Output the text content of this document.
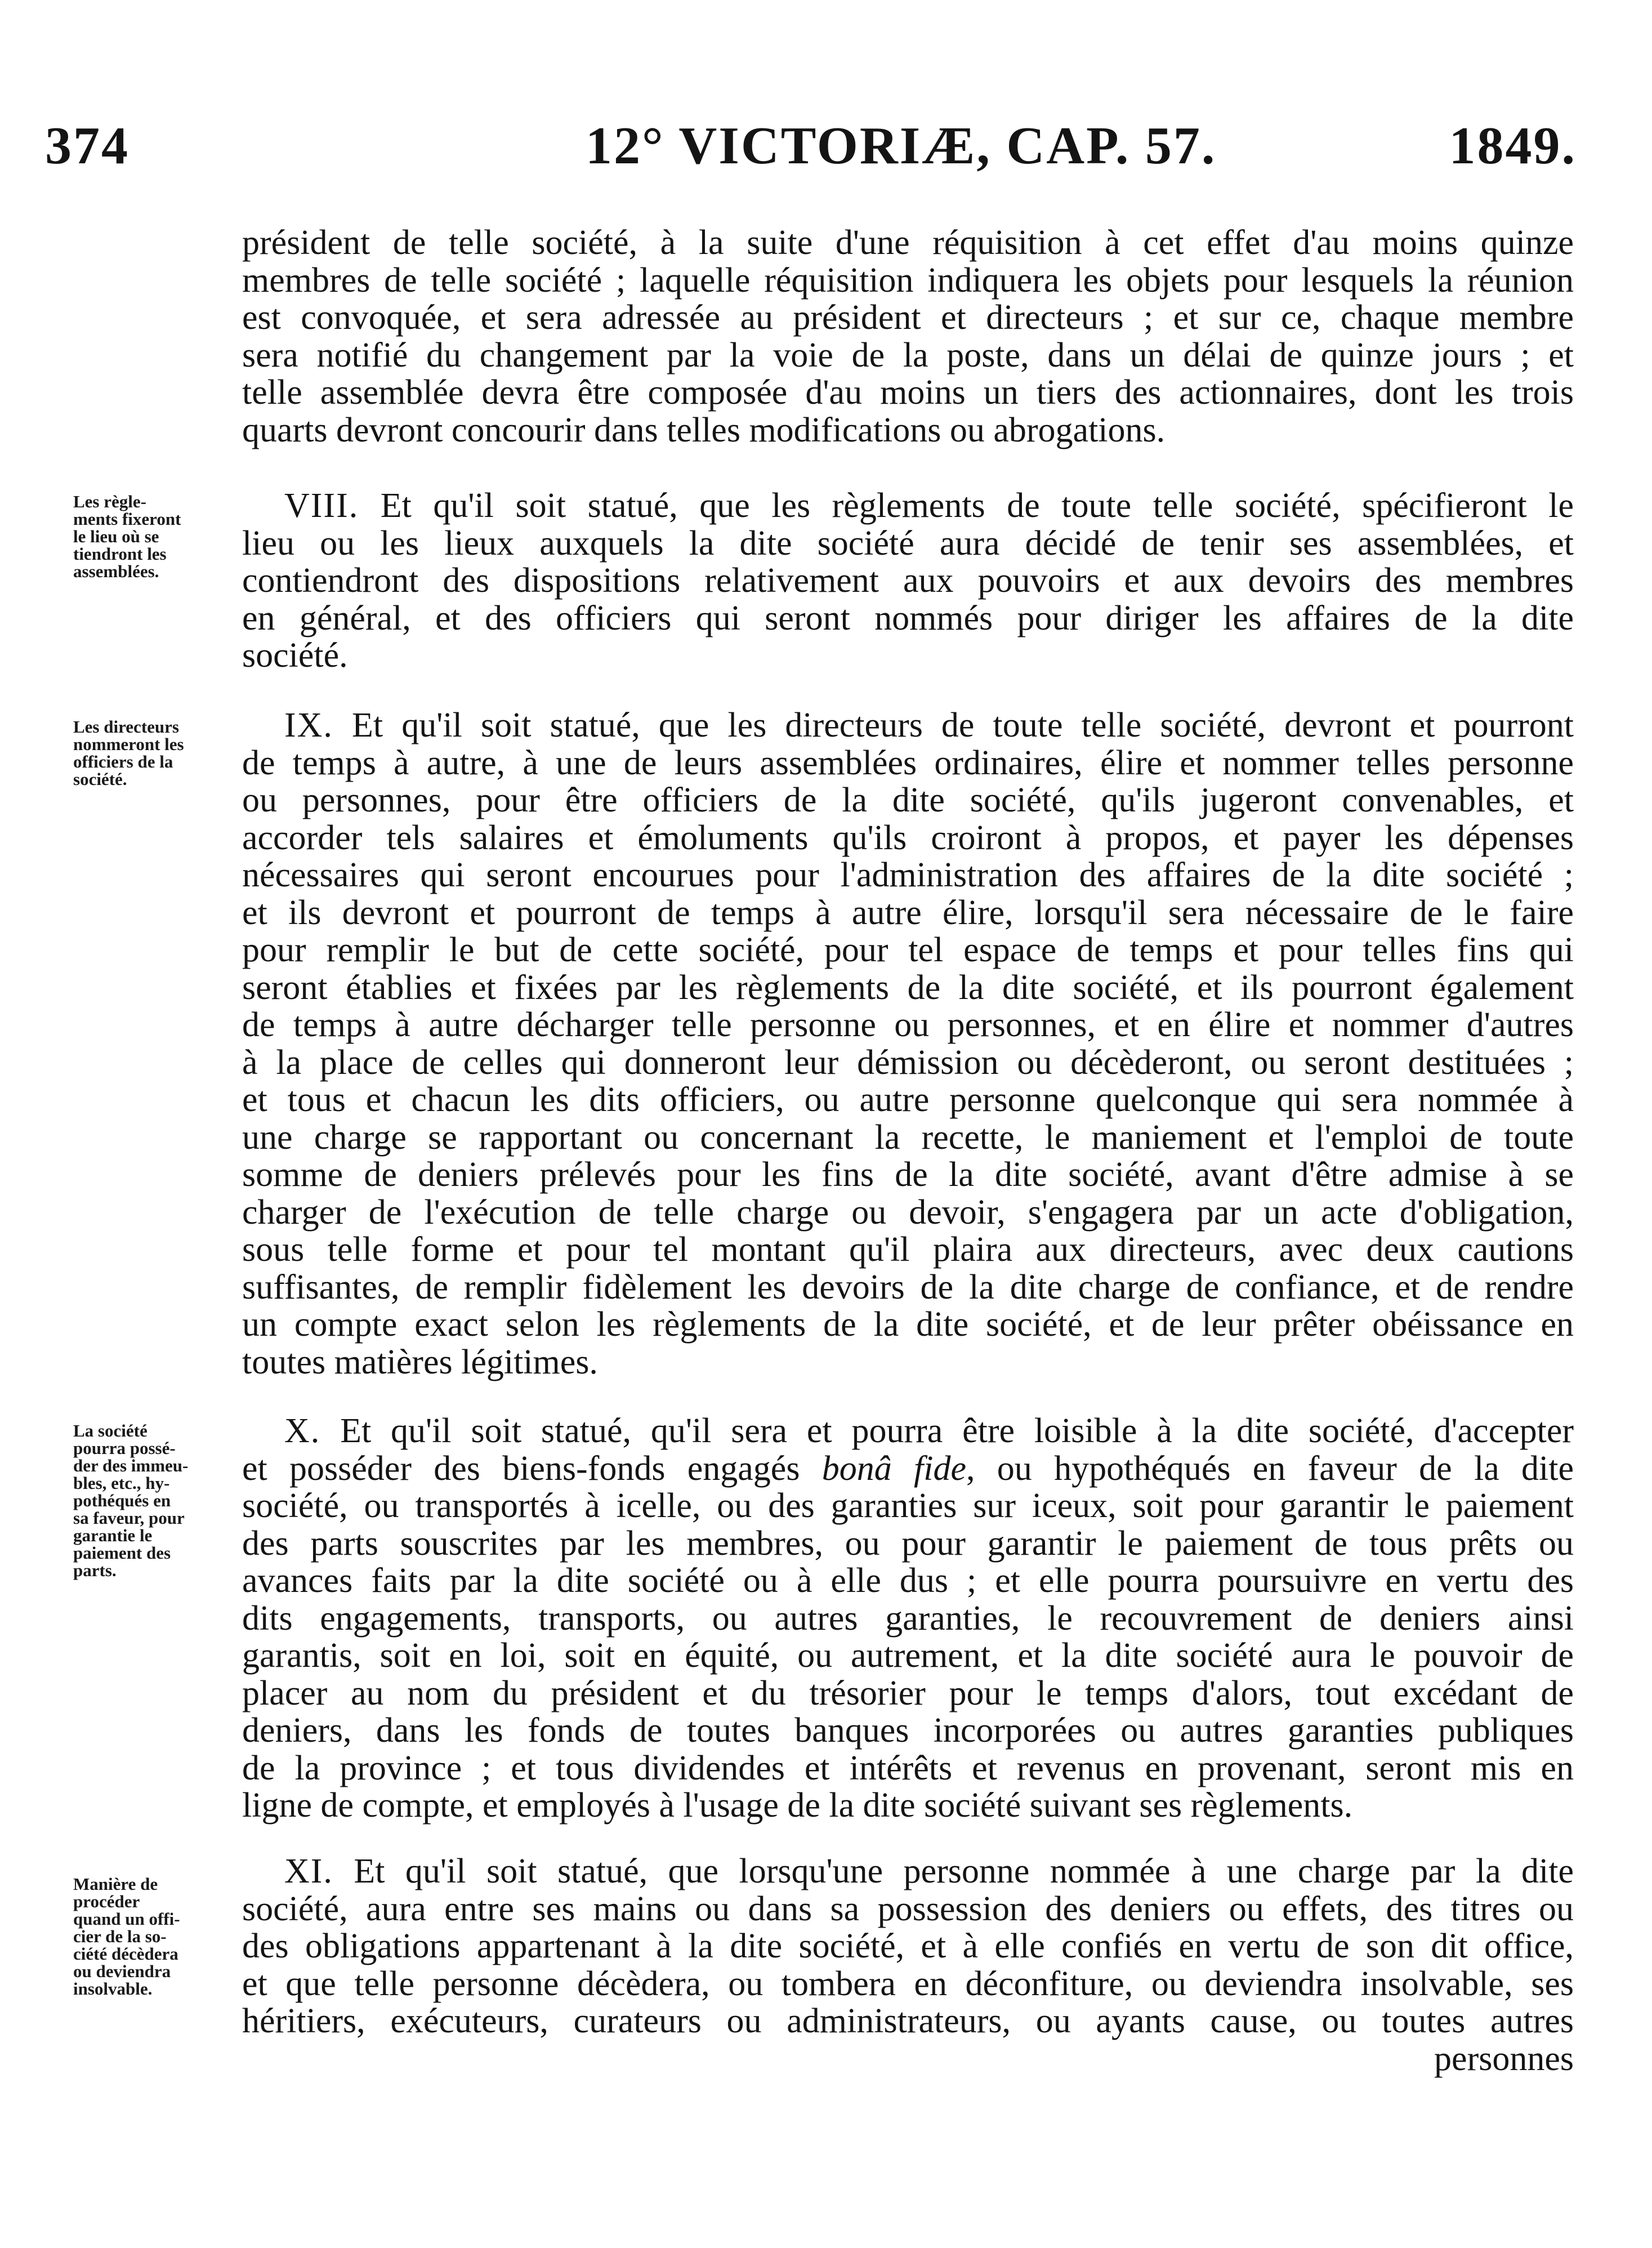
374	12° VICTORIÆ, CAP. 57.	1849.
président de telle société, à la suite d'une réquisition à cet effet d'au moins quinze
membres de telle société ; laquelle réquisition indiquera les objets pour lesquels la réunion
est convoquée, et sera adressée au président et directeurs ; et sur ce, chaque membre
sera notifié du changement par la voie de la poste, dans un délai de quinze jours ; et
telle assemblée devra être composée d'au moins un tiers des actionnaires, dont les trois
quarts devront concourir dans telles modifications ou abrogations.
Les règle-
ments fixeront
le lieu où se
tiendront les
assemblées.
VIII. Et qu'il soit statué, que les règlements de toute telle société, spécifieront le
lieu ou les lieux auxquels la dite société aura décidé de tenir ses assemblées, et
contiendront des dispositions relativement aux pouvoirs et aux devoirs des membres
en général, et des officiers qui seront nommés pour diriger les affaires de la dite
société.
Les directeurs
nommeront les
officiers de la
société.
IX. Et qu'il soit statué, que les directeurs de toute telle société, devront et pourront
de temps à autre, à une de leurs assemblées ordinaires, élire et nommer telles personne
ou personnes, pour être officiers de la dite société, qu'ils jugeront convenables, et
accorder tels salaires et émoluments qu'ils croiront à propos, et payer les dépenses
nécessaires qui seront encourues pour l'administration des affaires de la dite société ;
et ils devront et pourront de temps à autre élire, lorsqu'il sera nécessaire de le faire
pour remplir le but de cette société, pour tel espace de temps et pour telles fins qui
seront établies et fixées par les règlements de la dite société, et ils pourront également
de temps à autre décharger telle personne ou personnes, et en élire et nommer d'autres
à la place de celles qui donneront leur démission ou décèderont, ou seront destituées ;
et tous et chacun les dits officiers, ou autre personne quelconque qui sera nommée à
une charge se rapportant ou concernant la recette, le maniement et l'emploi de toute
somme de deniers prélevés pour les fins de la dite société, avant d'être admise à se
charger de l'exécution de telle charge ou devoir, s'engagera par un acte d'obligation,
sous telle forme et pour tel montant qu'il plaira aux directeurs, avec deux cautions
suffisantes, de remplir fidèlement les devoirs de la dite charge de confiance, et de rendre
un compte exact selon les règlements de la dite société, et de leur prêter obéissance en
toutes matières légitimes.
La société
pourra possé-
der des immeu-
bles, etc., hy-
pothéqués en
sa faveur, pour
garantie le
paiement des
parts.
X. Et qu'il soit statué, qu'il sera et pourra être loisible à la dite société, d'accepter
et posséder des biens-fonds engagés bonâ fide, ou hypothéqués en faveur de la dite
société, ou transportés à icelle, ou des garanties sur iceux, soit pour garantir le paiement
des parts souscrites par les membres, ou pour garantir le paiement de tous prêts ou
avances faits par la dite société ou à elle dus ; et elle pourra poursuivre en vertu des
dits engagements, transports, ou autres garanties, le recouvrement de deniers ainsi
garantis, soit en loi, soit en équité, ou autrement, et la dite société aura le pouvoir de
placer au nom du président et du trésorier pour le temps d'alors, tout excédant de
deniers, dans les fonds de toutes banques incorporées ou autres garanties publiques
de la province ; et tous dividendes et intérêts et revenus en provenant, seront mis en
ligne de compte, et employés à l'usage de la dite société suivant ses règlements.
Manière de
procéder
quand un offi-
cier de la so-
ciété décèdera
ou deviendra
insolvable.
XI. Et qu'il soit statué, que lorsqu'une personne nommée à une charge par la dite
société, aura entre ses mains ou dans sa possession des deniers ou effets, des titres ou
des obligations appartenant à la dite société, et à elle confiés en vertu de son dit office,
et que telle personne décèdera, ou tombera en déconfiture, ou deviendra insolvable, ses
héritiers, exécuteurs, curateurs ou administrateurs, ou ayants cause, ou toutes autres
personnes
